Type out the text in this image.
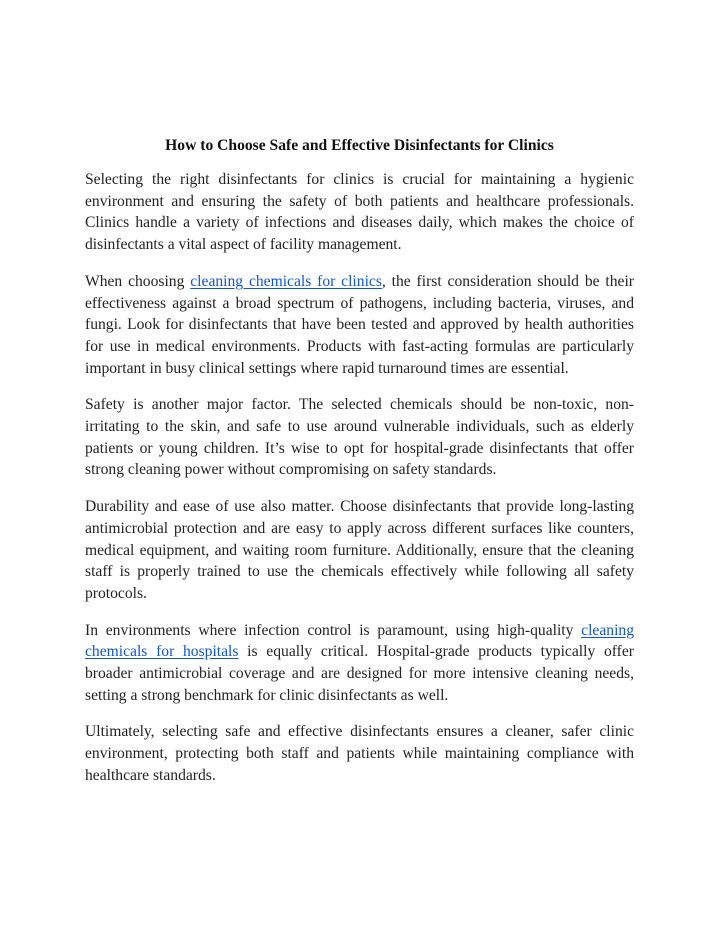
How to Choose Safe and Effective Disinfectants for Clinics

Selecting the right disinfectants for clinics is crucial for maintaining a hygienic environment and ensuring the safety of both patients and healthcare professionals. Clinics handle a variety of infections and diseases daily, which makes the choice of disinfectants a vital aspect of facility management.

When choosing cleaning chemicals for clinics, the first consideration should be their effectiveness against a broad spectrum of pathogens, including bacteria, viruses, and fungi. Look for disinfectants that have been tested and approved by health authorities for use in medical environments. Products with fast-acting formulas are particularly important in busy clinical settings where rapid turnaround times are essential.

Safety is another major factor. The selected chemicals should be non-toxic, non-irritating to the skin, and safe to use around vulnerable individuals, such as elderly patients or young children. It’s wise to opt for hospital-grade disinfectants that offer strong cleaning power without compromising on safety standards.

Durability and ease of use also matter. Choose disinfectants that provide long-lasting antimicrobial protection and are easy to apply across different surfaces like counters, medical equipment, and waiting room furniture. Additionally, ensure that the cleaning staff is properly trained to use the chemicals effectively while following all safety protocols.

In environments where infection control is paramount, using high-quality cleaning chemicals for hospitals is equally critical. Hospital-grade products typically offer broader antimicrobial coverage and are designed for more intensive cleaning needs, setting a strong benchmark for clinic disinfectants as well.

Ultimately, selecting safe and effective disinfectants ensures a cleaner, safer clinic environment, protecting both staff and patients while maintaining compliance with healthcare standards.
